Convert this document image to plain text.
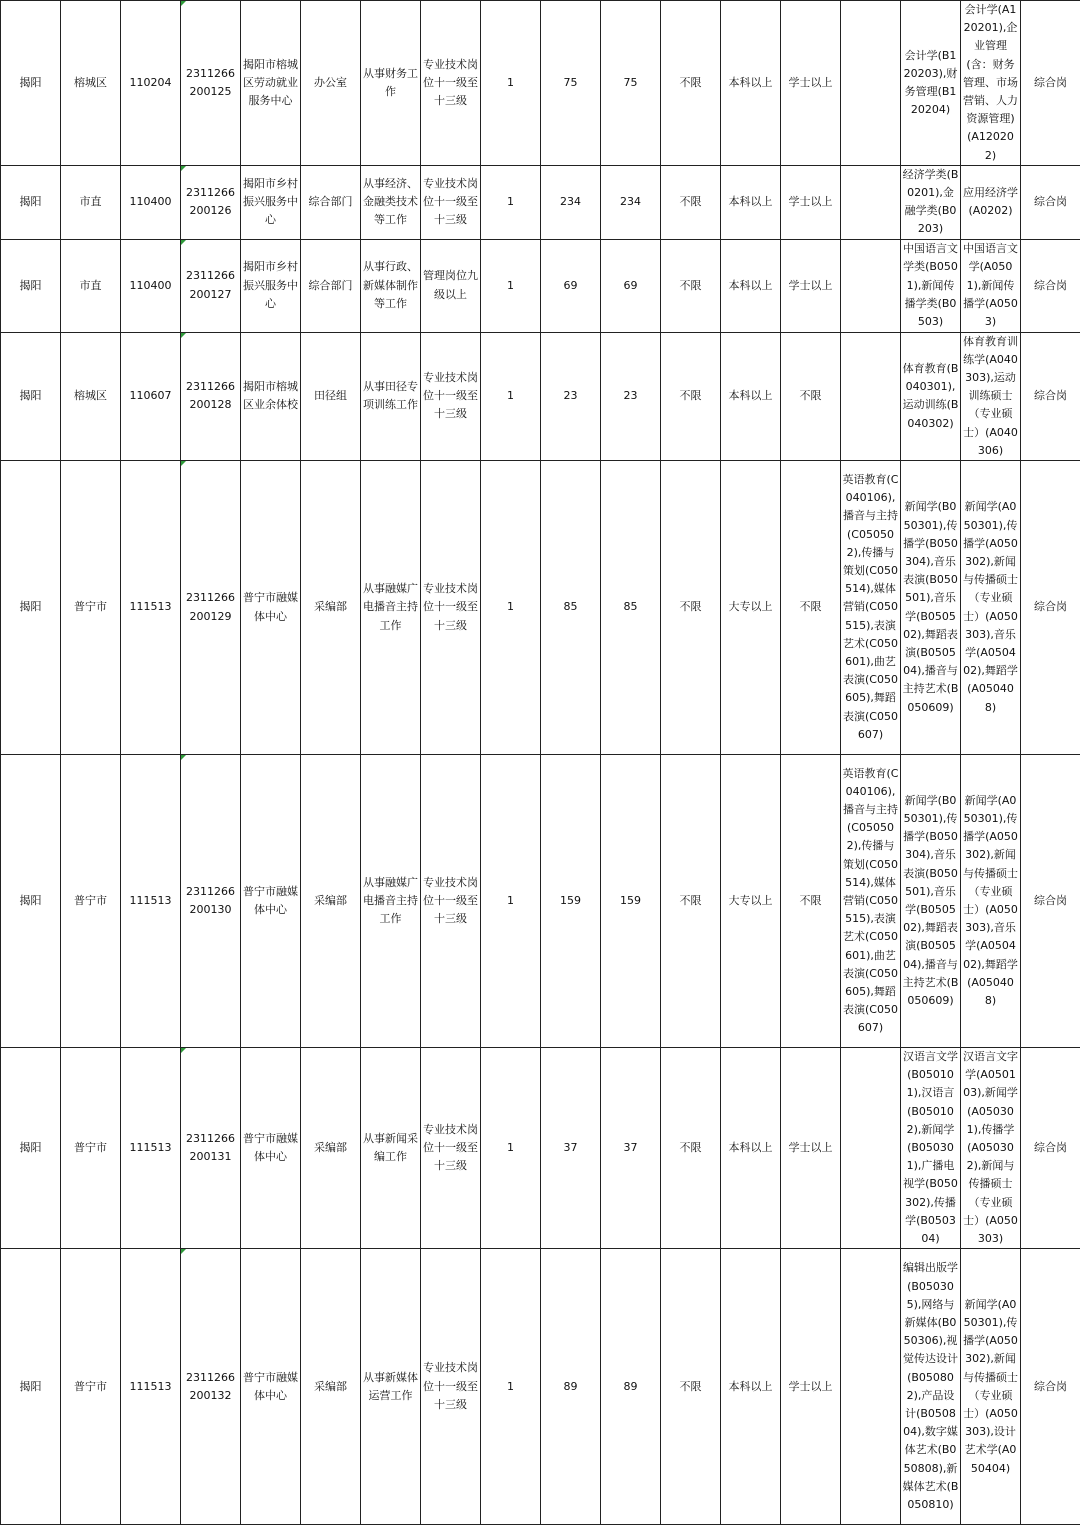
揭阳	榕城区	110204	2311266200125	揭阳市榕城区劳动就业服务中心	办公室	从事财务工作	专业技术岗位十一级至十三级	1	75	75	不限	本科以上	学士以上		会计学(B120203),财务管理(B120204)	会计学(A120201),企业管理(含：财务管理、市场营销、人力资源管理)(A120202)	综合岗
揭阳	市直	110400	2311266200126	揭阳市乡村振兴服务中心	综合部门	从事经济、金融类技术等工作	专业技术岗位十一级至十三级	1	234	234	不限	本科以上	学士以上		经济学类(B0201),金融学类(B0203)	应用经济学(A0202)	综合岗
揭阳	市直	110400	2311266200127	揭阳市乡村振兴服务中心	综合部门	从事行政、新媒体制作等工作	管理岗位九级以上	1	69	69	不限	本科以上	学士以上		中国语言文学类(B0501),新闻传播学类(B0503)	中国语言文学(A0501),新闻传播学(A0503)	综合岗
揭阳	榕城区	110607	2311266200128	揭阳市榕城区业余体校	田径组	从事田径专项训练工作	专业技术岗位十一级至十三级	1	23	23	不限	本科以上	不限		体育教育(B040301),运动训练(B040302)	体育教育训练学(A040303),运动训练硕士（专业硕士）(A040306)	综合岗
揭阳	普宁市	111513	2311266200129	普宁市融媒体中心	采编部	从事融媒广电播音主持工作	专业技术岗位十一级至十三级	1	85	85	不限	大专以上	不限	英语教育(C040106),播音与主持(C050502),传播与策划(C050514),媒体营销(C050515),表演艺术(C050601),曲艺表演(C050605),舞蹈表演(C050607)	新闻学(B050301),传播学(B050304),音乐表演(B050501),音乐学(B050502),舞蹈表演(B050504),播音与主持艺术(B050609)	新闻学(A050301),传播学(A050302),新闻与传播硕士（专业硕士）(A050303),音乐学(A050402),舞蹈学(A050408)	综合岗
揭阳	普宁市	111513	2311266200130	普宁市融媒体中心	采编部	从事融媒广电播音主持工作	专业技术岗位十一级至十三级	1	159	159	不限	大专以上	不限	英语教育(C040106),播音与主持(C050502),传播与策划(C050514),媒体营销(C050515),表演艺术(C050601),曲艺表演(C050605),舞蹈表演(C050607)	新闻学(B050301),传播学(B050304),音乐表演(B050501),音乐学(B050502),舞蹈表演(B050504),播音与主持艺术(B050609)	新闻学(A050301),传播学(A050302),新闻与传播硕士（专业硕士）(A050303),音乐学(A050402),舞蹈学(A050408)	综合岗
揭阳	普宁市	111513	2311266200131	普宁市融媒体中心	采编部	从事新闻采编工作	专业技术岗位十一级至十三级	1	37	37	不限	本科以上	学士以上		汉语言文学(B050101),汉语言(B050102),新闻学(B050301),广播电视学(B050302),传播学(B050304)	汉语言文字学(A050103),新闻学(A050301),传播学(A050302),新闻与传播硕士（专业硕士）(A050303)	综合岗
揭阳	普宁市	111513	2311266200132	普宁市融媒体中心	采编部	从事新媒体运营工作	专业技术岗位十一级至十三级	1	89	89	不限	本科以上	学士以上		编辑出版学(B050305),网络与新媒体(B050306),视觉传达设计(B050802),产品设计(B050804),数字媒体艺术(B050808),新媒体艺术(B050810)	新闻学(A050301),传播学(A050302),新闻与传播硕士（专业硕士）(A050303),设计艺术学(A050404)	综合岗
